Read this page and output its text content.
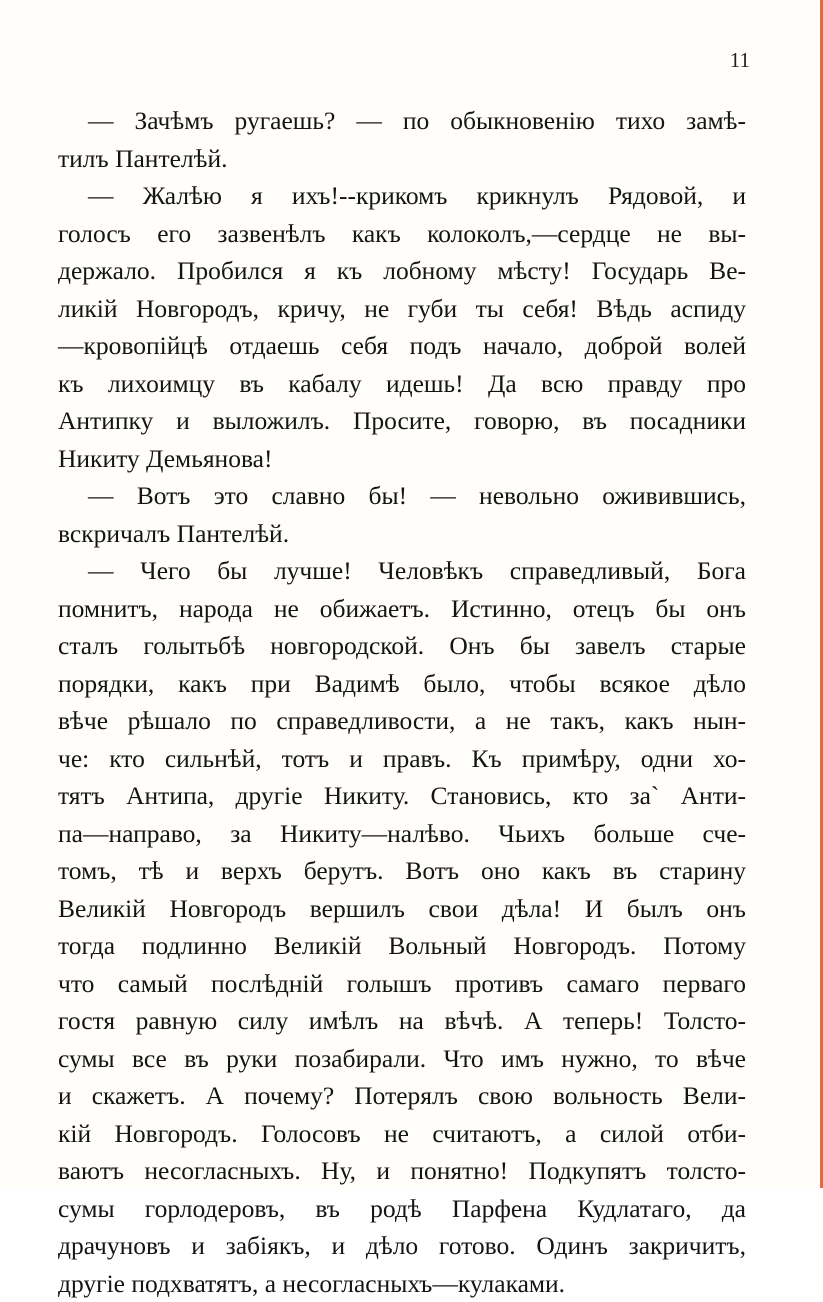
11
— Зачѣмъ ругаешь? — по обыкновенію тихо замѣ-
тилъ Пантелѣй.
— Жалѣю я ихъ!--крикомъ крикнулъ Рядовой, и
голосъ его зазвенѣлъ какъ колоколъ,—сердце не вы-
держало. Пробился я къ лобному мѣсту! Государь Ве-
ликій Новгородъ, кричу, не губи ты себя! Вѣдь аспиду
—кровопійцѣ отдаешь себя подъ начало, доброй волей
къ лихоимцу въ кабалу идешь! Да всю правду про
Антипку и выложилъ. Просите, говорю, въ посадники
Никиту Демьянова!
— Вотъ это славно бы! — невольно оживившись,
вскричалъ Пантелѣй.
— Чего бы лучше! Человѣкъ справедливый, Бога
помнитъ, народа не обижаетъ. Истинно, отецъ бы онъ
сталъ голытьбѣ новгородской. Онъ бы завелъ старые
порядки, какъ при Вадимѣ было, чтобы всякое дѣло
вѣче рѣшало по справедливости, а не такъ, какъ нын-
че: кто сильнѣй, тотъ и правъ. Къ примѣру, одни хо-
тятъ Антипа, другіе Никиту. Становись, кто за` Анти-
па—направо, за Никиту—налѣво. Чьихъ больше сче-
томъ, тѣ и верхъ берутъ. Вотъ оно какъ въ старину
Великій Новгородъ вершилъ свои дѣла! И былъ онъ
тогда подлинно Великій Вольный Новгородъ. Потому
что самый послѣдній голышъ противъ самаго перваго
гостя равную силу имѣлъ на вѣчѣ. А теперь! Толсто-
сумы все въ руки позабирали. Что имъ нужно, то вѣче
и скажетъ. А почему? Потерялъ свою вольность Вели-
кій Новгородъ. Голосовъ не считаютъ, а силой отби-
ваютъ несогласныхъ. Ну, и понятно! Подкупятъ толсто-
сумы горлодеровъ, въ родѣ Парфена Кудлатаго, да
драчуновъ и забіякъ, и дѣло готово. Одинъ закричитъ,
другіе подхватятъ, а несогласныхъ—кулаками.
